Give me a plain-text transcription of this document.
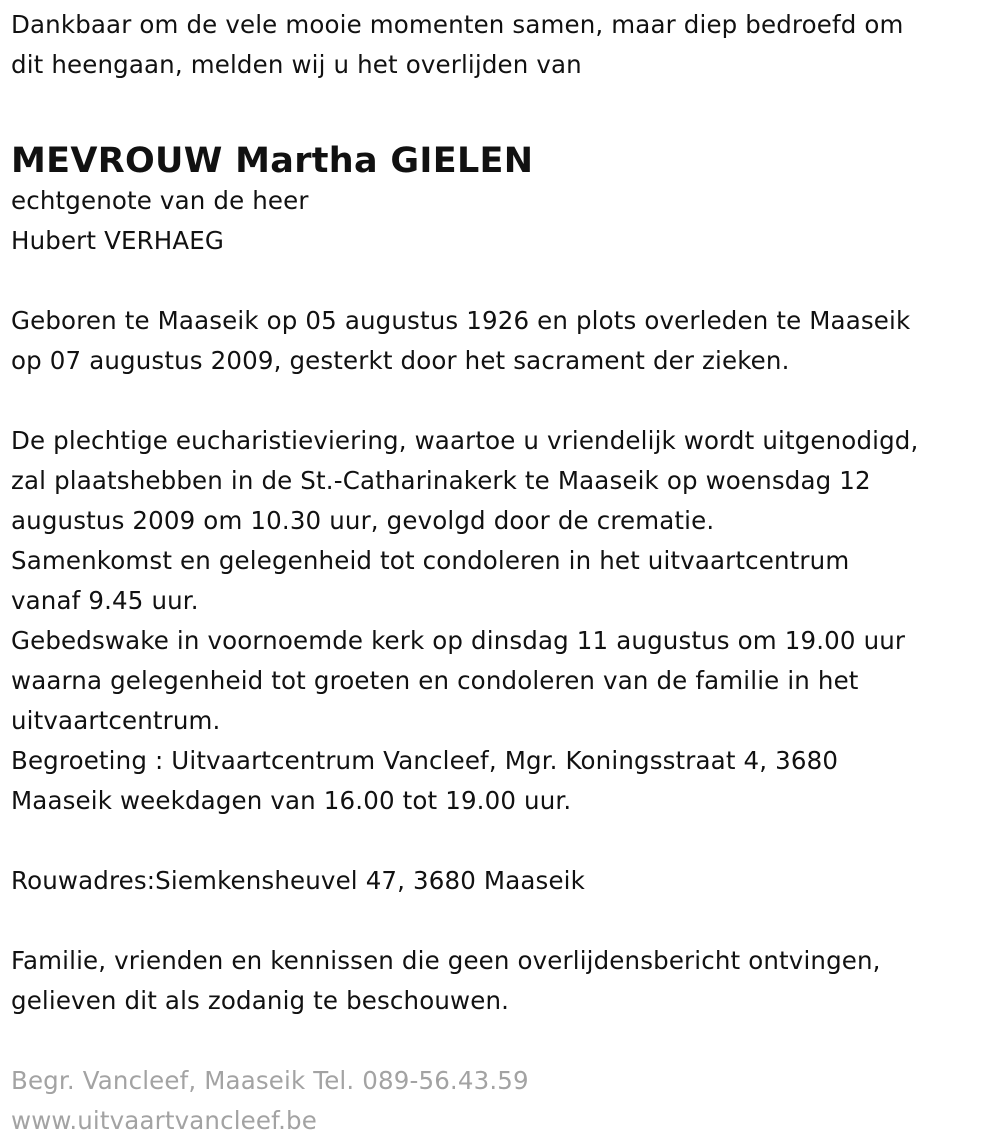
Dankbaar om de vele mooie momenten samen, maar diep bedroefd om
dit heengaan, melden wij u het overlijden van
MEVROUW Martha GIELEN
echtgenote van de heer
Hubert VERHAEG
Geboren te Maaseik op 05 augustus 1926 en plots overleden te Maaseik
op 07 augustus 2009, gesterkt door het sacrament der zieken.
De plechtige eucharistieviering, waartoe u vriendelijk wordt uitgenodigd,
zal plaatshebben in de St.-Catharinakerk te Maaseik op woensdag 12
augustus 2009 om 10.30 uur, gevolgd door de crematie.
Samenkomst en gelegenheid tot condoleren in het uitvaartcentrum
vanaf 9.45 uur.
Gebedswake in voornoemde kerk op dinsdag 11 augustus om 19.00 uur
waarna gelegenheid tot groeten en condoleren van de familie in het
uitvaartcentrum.
Begroeting : Uitvaartcentrum Vancleef, Mgr. Koningsstraat 4, 3680
Maaseik weekdagen van 16.00 tot 19.00 uur.
Rouwadres:Siemkensheuvel 47, 3680 Maaseik
Familie, vrienden en kennissen die geen overlijdensbericht ontvingen,
gelieven dit als zodanig te beschouwen.
Begr. Vancleef, Maaseik Tel. 089-56.43.59
www.uitvaartvancleef.be
